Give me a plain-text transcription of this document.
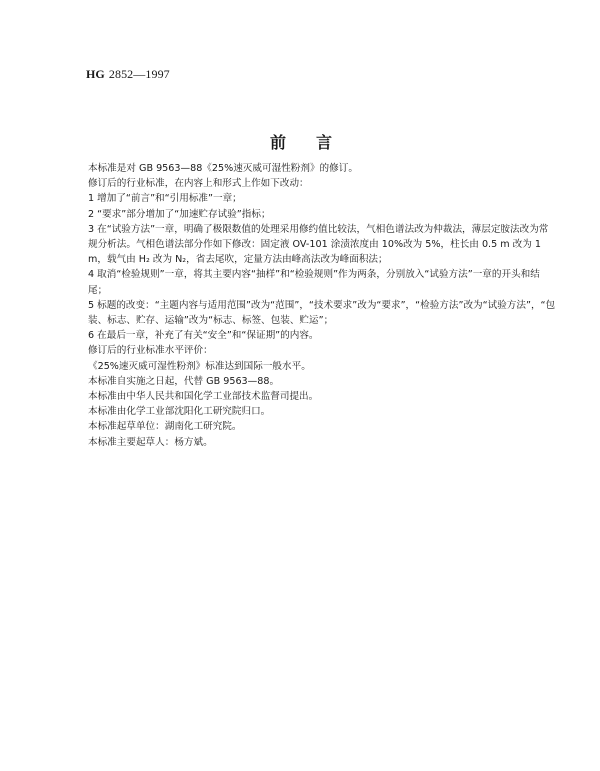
HG 2852—1997
前言

本标准是对 GB 9563—88《25%速灭威可湿性粉剂》的修订。

修订后的行业标准，在内容上和形式上作如下改动：

1 增加了“前言”和“引用标准”一章；

2 “要求”部分增加了“加速贮存试验”指标；

3 在“试验方法”一章，明确了极限数值的处理采用修约值比较法，气相色谱法改为仲裁法，薄层定胺法改为常规分析法。气相色谱法部分作如下修改：固定液 OV-101 涂渍浓度由 10%改为 5%，柱长由 0.5 m 改为 1 m，载气由 H₂ 改为 N₂，省去尾吹，定量方法由峰高法改为峰面积法；

4 取消“检验规则”一章，将其主要内容“抽样”和“检验规则”作为两条，分别放入“试验方法”一章的开头和结尾；

5 标题的改变：“主题内容与适用范围”改为“范围”，“技术要求”改为“要求”，“检验方法”改为“试验方法”，“包装、标志、贮存、运输”改为“标志、标签、包装、贮运”；

6 在最后一章，补充了有关“安全”和“保证期”的内容。

修订后的行业标准水平评价：

《25%速灭威可湿性粉剂》标准达到国际一般水平。

本标准自实施之日起，代替 GB 9563—88。

本标准由中华人民共和国化学工业部技术监督司提出。

本标准由化学工业部沈阳化工研究院归口。

本标准起草单位：湖南化工研究院。

本标准主要起草人：杨方斌。
